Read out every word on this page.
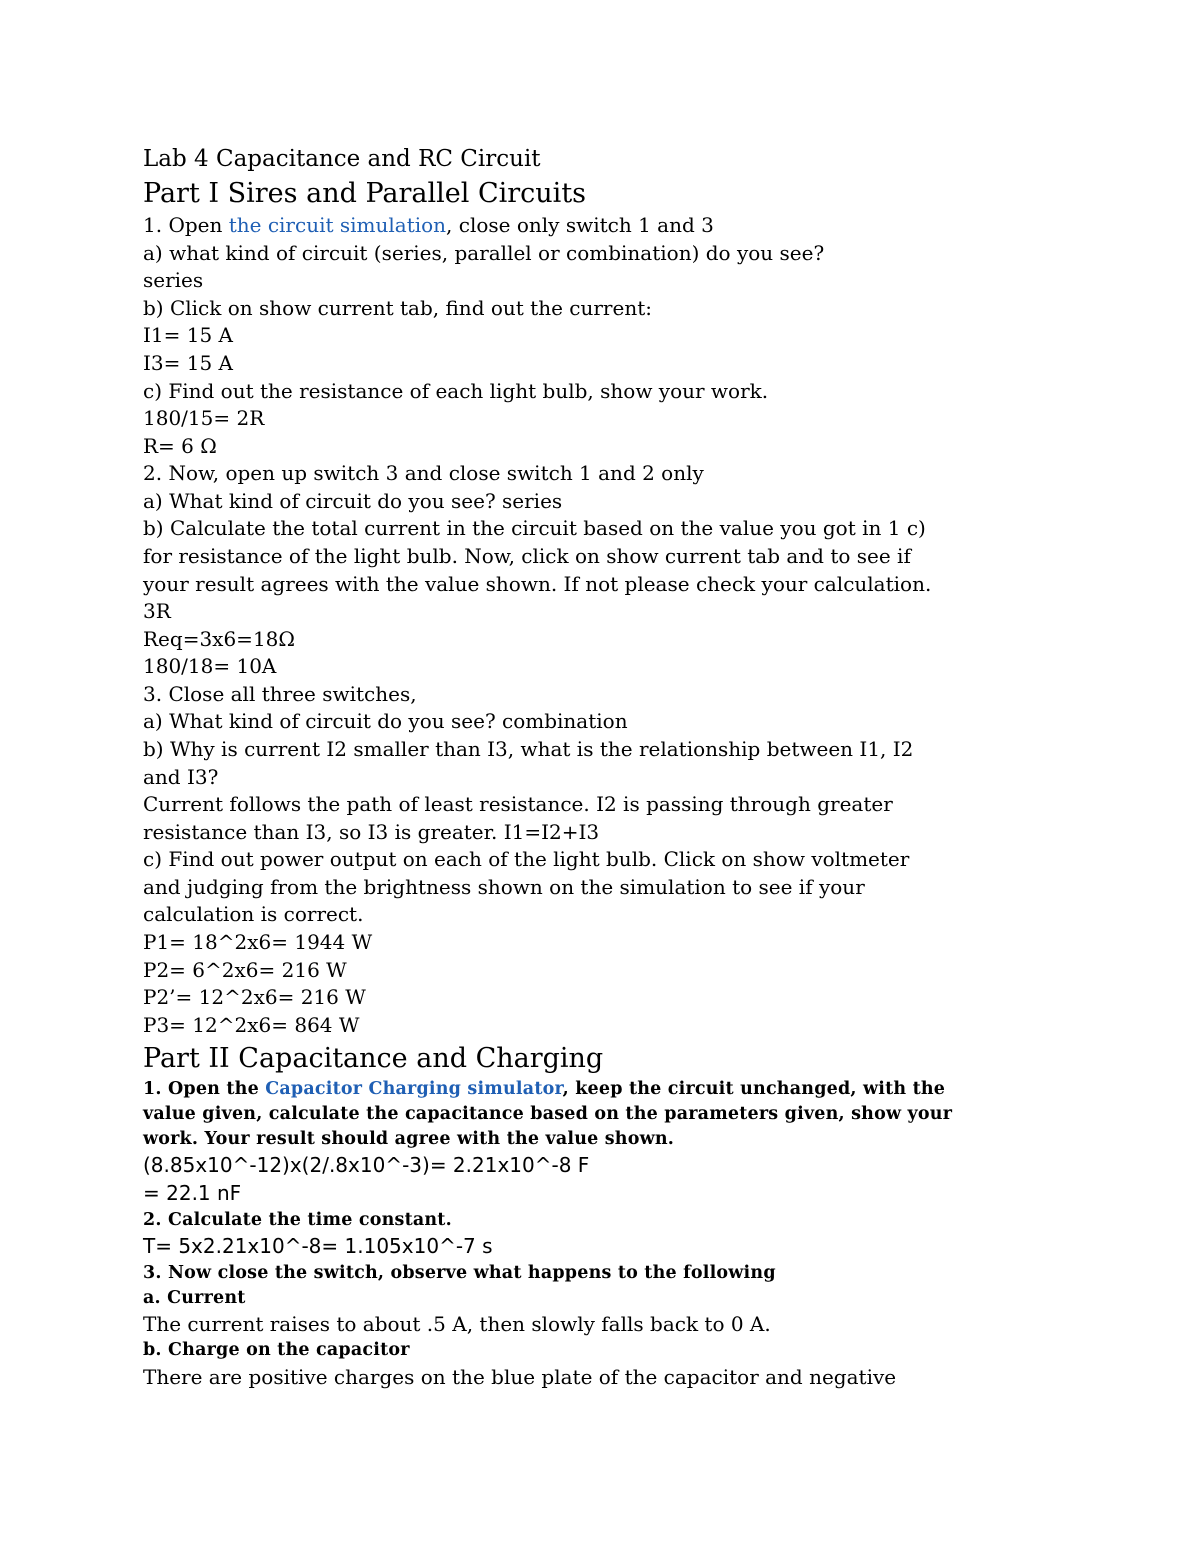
Lab 4 Capacitance and RC Circuit
Part I Sires and Parallel Circuits
1. Open the circuit simulation, close only switch 1 and 3
a) what kind of circuit (series, parallel or combination) do you see?
series
b) Click on show current tab, find out the current:
I1= 15 A
I3= 15 A
c) Find out the resistance of each light bulb, show your work.
180/15= 2R
R= 6 Ω
2. Now, open up switch 3 and close switch 1 and 2 only
a) What kind of circuit do you see? series
b) Calculate the total current in the circuit based on the value you got in 1 c)
for resistance of the light bulb. Now, click on show current tab and to see if
your result agrees with the value shown. If not please check your calculation.
3R
Req=3x6=18Ω
180/18= 10A
3. Close all three switches,
a) What kind of circuit do you see? combination
b) Why is current I2 smaller than I3, what is the relationship between I1, I2
and I3?
Current follows the path of least resistance. I2 is passing through greater
resistance than I3, so I3 is greater. I1=I2+I3
c) Find out power output on each of the light bulb. Click on show voltmeter
and judging from the brightness shown on the simulation to see if your
calculation is correct.
P1= 18^2x6= 1944 W
P2= 6^2x6= 216 W
P2’= 12^2x6= 216 W
P3= 12^2x6= 864 W
Part II Capacitance and Charging
1. Open the Capacitor Charging simulator, keep the circuit unchanged, with the
value given, calculate the capacitance based on the parameters given, show your
work. Your result should agree with the value shown.
(8.85x10^-12)x(2/.8x10^-3)= 2.21x10^-8 F
= 22.1 nF
2. Calculate the time constant.
T= 5x2.21x10^-8= 1.105x10^-7 s
3. Now close the switch, observe what happens to the following
a. Current
The current raises to about .5 A, then slowly falls back to 0 A.
b. Charge on the capacitor
There are positive charges on the blue plate of the capacitor and negative
